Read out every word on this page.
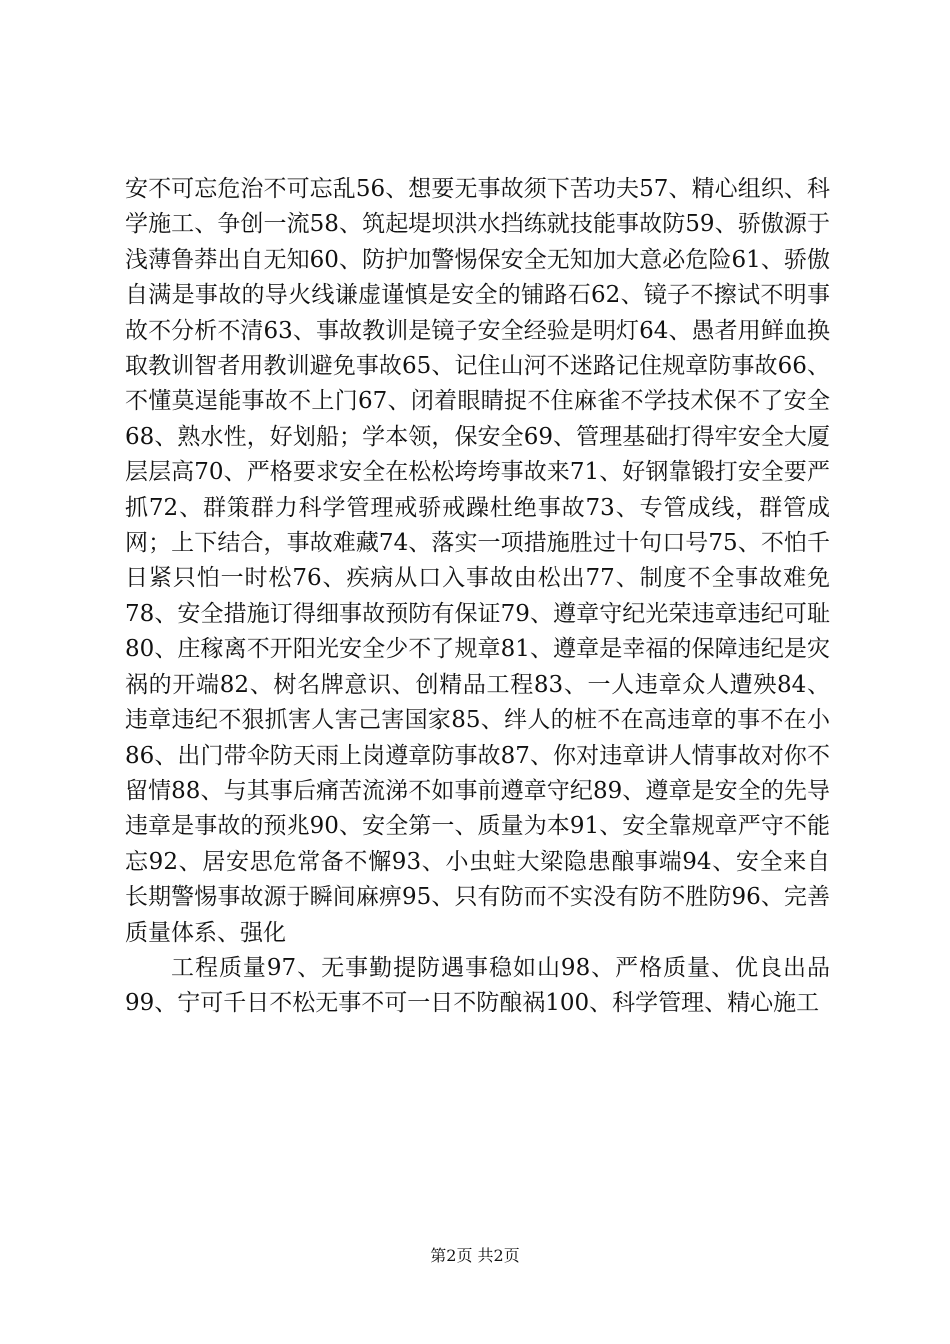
安不可忘危治不可忘乱56、想要无事故须下苦功夫57、精心组织、科学施工、争创一流58、筑起堤坝洪水挡练就技能事故防59、骄傲源于浅薄鲁莽出自无知60、防护加警惕保安全无知加大意必危险61、骄傲自满是事故的导火线谦虚谨慎是安全的铺路石62、镜子不擦试不明事故不分析不清63、事故教训是镜子安全经验是明灯64、愚者用鲜血换取教训智者用教训避免事故65、记住山河不迷路记住规章防事故66、不懂莫逞能事故不上门67、闭着眼睛捉不住麻雀不学技术保不了安全68、熟水性，好划船；学本领，保安全69、管理基础打得牢安全大厦层层高70、严格要求安全在松松垮垮事故来71、好钢靠锻打安全要严抓72、群策群力科学管理戒骄戒躁杜绝事故73、专管成线，群管成网；上下结合，事故难藏74、落实一项措施胜过十句口号75、不怕千日紧只怕一时松76、疾病从口入事故由松出77、制度不全事故难免78、安全措施订得细事故预防有保证79、遵章守纪光荣违章违纪可耻80、庄稼离不开阳光安全少不了规章81、遵章是幸福的保障违纪是灾祸的开端82、树名牌意识、创精品工程83、一人违章众人遭殃84、违章违纪不狠抓害人害己害国家85、绊人的桩不在高违章的事不在小86、出门带伞防天雨上岗遵章防事故87、你对违章讲人情事故对你不留情88、与其事后痛苦流涕不如事前遵章守纪89、遵章是安全的先导违章是事故的预兆90、安全第一、质量为本91、安全靠规章严守不能忘92、居安思危常备不懈93、小虫蛀大梁隐患酿事端94、安全来自长期警惕事故源于瞬间麻痹95、只有防而不实没有防不胜防96、完善质量体系、强化

工程质量97、无事勤提防遇事稳如山98、严格质量、优良出品99、宁可千日不松无事不可一日不防酿祸100、科学管理、精心施工

第2页 共2页
